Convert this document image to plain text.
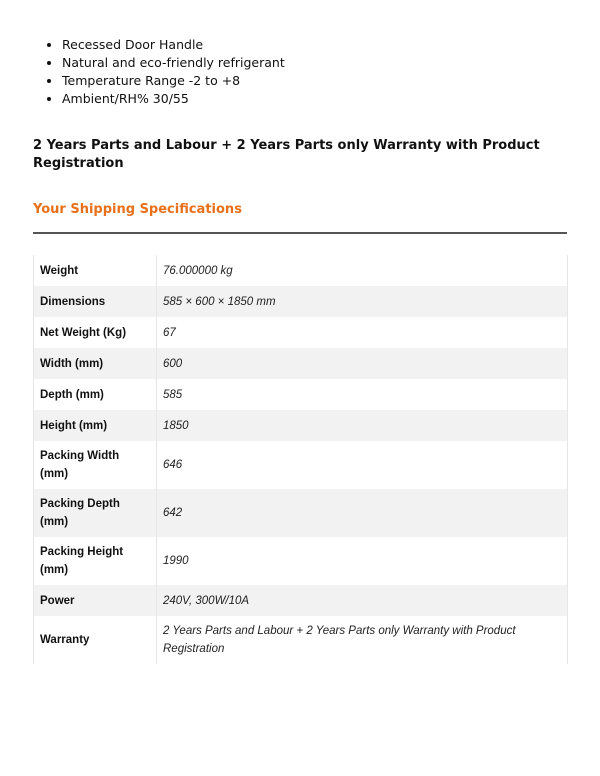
• Recessed Door Handle
• Natural and eco-friendly refrigerant
• Temperature Range -2 to +8
• Ambient/RH% 30/55
2 Years Parts and Labour + 2 Years Parts only Warranty with Product Registration
Your Shipping Specifications
Weight	76.000000 kg
Dimensions	585 × 600 × 1850 mm
Net Weight (Kg)	67
Width (mm)	600
Depth (mm)	585
Height (mm)	1850
Packing Width (mm)	646
Packing Depth (mm)	642
Packing Height (mm)	1990
Power	240V, 300W/10A
Warranty	2 Years Parts and Labour + 2 Years Parts only Warranty with Product Registration
